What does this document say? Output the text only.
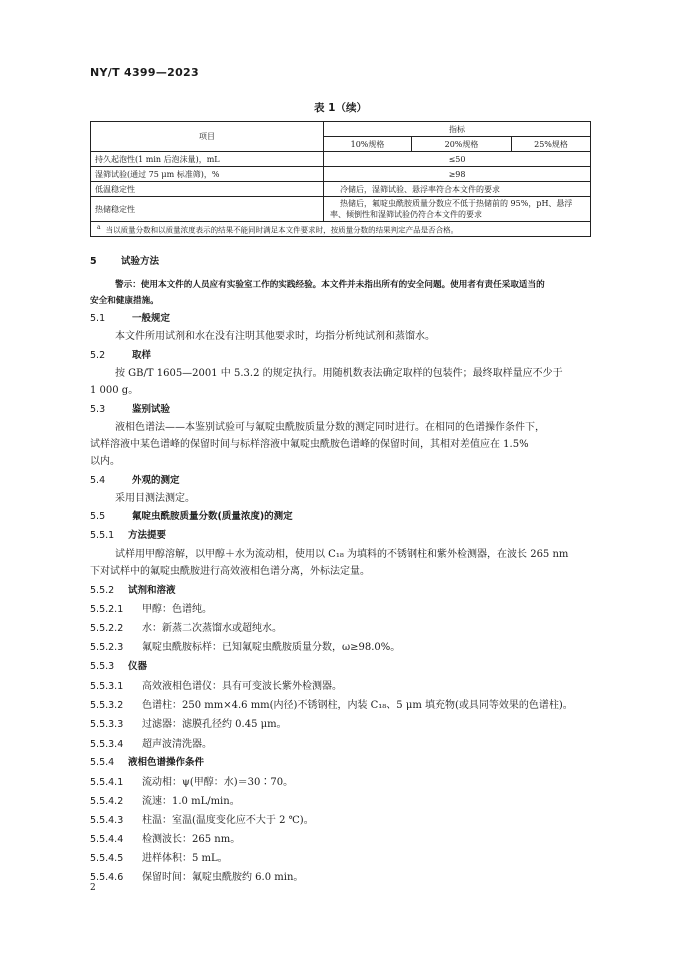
NY/T 4399—2023
表 1（续）
项目	指标		
	10%规格	20%规格	25%规格
持久起泡性(1 min 后泡沫量)，mL	≤50		
湿筛试验(通过 75 μm 标准筛)，%	≥98		
低温稳定性	冷储后，湿筛试验、悬浮率符合本文件的要求		
热储稳定性	热储后，氟啶虫酰胺质量分数应不低于热储前的 95%，pH、悬浮
率、倾倒性和湿筛试验仍符合本文件的要求		

$^a$ 当以质量分数和以质量浓度表示的结果不能同时满足本文件要求时，按质量分数的结果判定产品是否合格。			
5	试验方法
警示：使用本文件的人员应有实验室工作的实践经验。本文件并未指出所有的安全问题。使用者有责任采取适当的
安全和健康措施。
5.1	一般规定
本文件所用试剂和水在没有注明其他要求时，均指分析纯试剂和蒸馏水。
5.2	取样
按 GB/T 1605—2001 中 5.3.2 的规定执行。用随机数表法确定取样的包装件；最终取样量应不少于
1 000 g。
5.3	鉴别试验
液相色谱法——本鉴别试验可与氟啶虫酰胺质量分数的测定同时进行。在相同的色谱操作条件下，
试样溶液中某色谱峰的保留时间与标样溶液中氟啶虫酰胺色谱峰的保留时间，其相对差值应在 1.5%
以内。
5.4	外观的测定
采用目测法测定。
5.5	氟啶虫酰胺质量分数(质量浓度)的测定
5.5.1 方法提要
试样用甲醇溶解，以甲醇＋水为流动相，使用以 C₁₈ 为填料的不锈钢柱和紫外检测器，在波长 265 nm
下对试样中的氟啶虫酰胺进行高效液相色谱分离，外标法定量。
5.5.2 试剂和溶液
5.5.2.1 甲醇：色谱纯。
5.5.2.2 水：新蒸二次蒸馏水或超纯水。
5.5.2.3 氟啶虫酰胺标样：已知氟啶虫酰胺质量分数，ω≥98.0%。
5.5.3 仪器
5.5.3.1 高效液相色谱仪：具有可变波长紫外检测器。
5.5.3.2 色谱柱：250 mm×4.6 mm(内径)不锈钢柱，内装 C₁₈、5 μm 填充物(或具同等效果的色谱柱)。
5.5.3.3 过滤器：滤膜孔径约 0.45 μm。
5.5.3.4 超声波清洗器。
5.5.4 液相色谱操作条件
5.5.4.1 流动相：ψ(甲醇：水)＝30∶70。
5.5.4.2 流速：1.0 mL/min。
5.5.4.3 柱温：室温(温度变化应不大于 2 ℃)。
5.5.4.4 检测波长：265 nm。
5.5.4.5 进样体积：5 mL。
5.5.4.6 保留时间：氟啶虫酰胺约 6.0 min。
2
